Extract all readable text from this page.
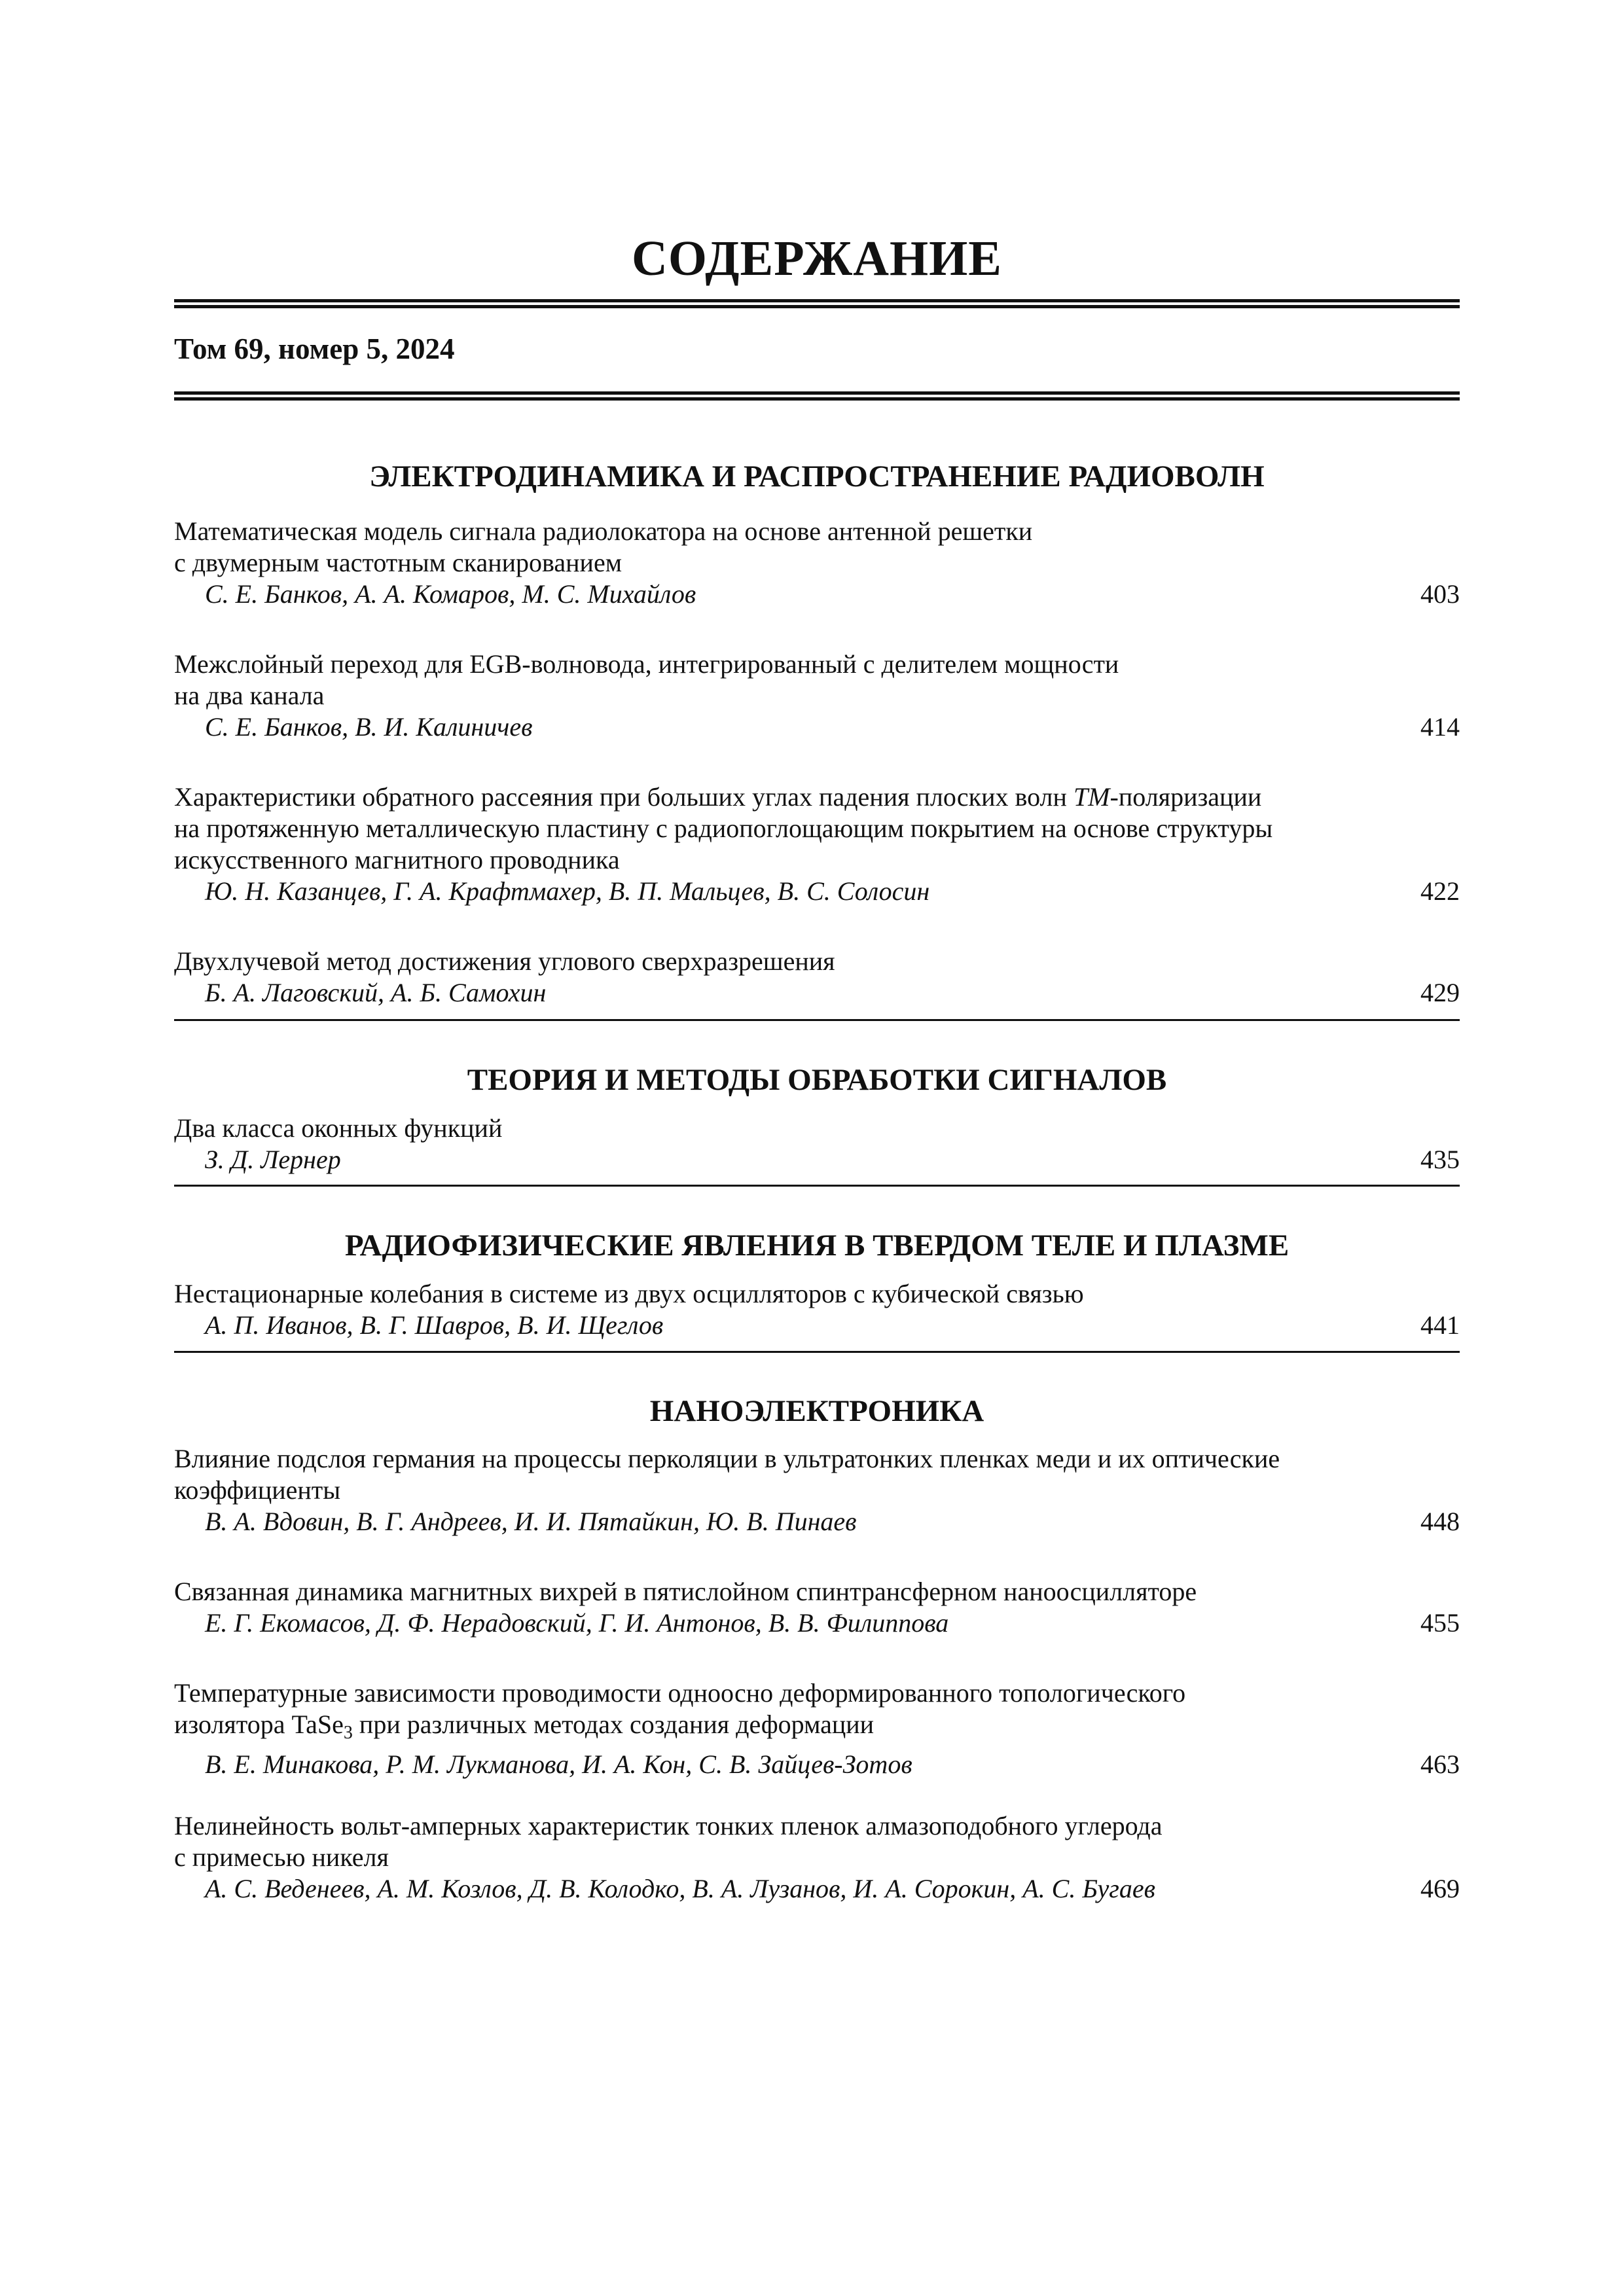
СОДЕРЖАНИЕ
Том 69, номер 5, 2024
ЭЛЕКТРОДИНАМИКА И РАСПРОСТРАНЕНИЕ РАДИОВОЛН
Математическая модель сигнала радиолокатора на основе антенной решетки
с двумерным частотным сканированием
С. Е. Банков, А. А. Комаров, М. С. Михайлов	403
Межслойный переход для EGB-волновода, интегрированный с делителем мощности
на два канала
С. Е. Банков, В. И. Калиничев	414
Характеристики обратного рассеяния при больших углах падения плоских волн ТМ-поляризации
на протяженную металлическую пластину с радиопоглощающим покрытием на основе структуры
искусственного магнитного проводника
Ю. Н. Казанцев, Г. А. Крафтмахер, В. П. Мальцев, В. С. Солосин	422
Двухлучевой метод достижения углового сверхразрешения
Б. А. Лаговский, А. Б. Самохин	429
ТЕОРИЯ И МЕТОДЫ ОБРАБОТКИ СИГНАЛОВ
Два класса оконных функций
З. Д. Лернер	435
РАДИОФИЗИЧЕСКИЕ ЯВЛЕНИЯ В ТВЕРДОМ ТЕЛЕ И ПЛАЗМЕ
Нестационарные колебания в системе из двух осцилляторов с кубической связью
А. П. Иванов, В. Г. Шавров, В. И. Щеглов	441
НАНОЭЛЕКТРОНИКА
Влияние подслоя германия на процессы перколяции в ультратонких пленках меди и их оптические
коэффициенты
В. А. Вдовин, В. Г. Андреев, И. И. Пятайкин, Ю. В. Пинаев	448
Связанная динамика магнитных вихрей в пятислойном спинтрансферном наноосцилляторе
Е. Г. Екомасов, Д. Ф. Нерадовский, Г. И. Антонов, В. В. Филиппова	455
Температурные зависимости проводимости одноосно деформированного топологического
изолятора TaSe$_3$ при различных методах создания деформации
В. Е. Минакова, Р. М. Лукманова, И. А. Кон, С. В. Зайцев-Зотов	463
Нелинейность вольт-амперных характеристик тонких пленок алмазоподобного углерода
с примесью никеля
А. С. Веденеев, А. М. Козлов, Д. В. Колодко, В. А. Лузанов, И. А. Сорокин, А. С. Бугаев	469
